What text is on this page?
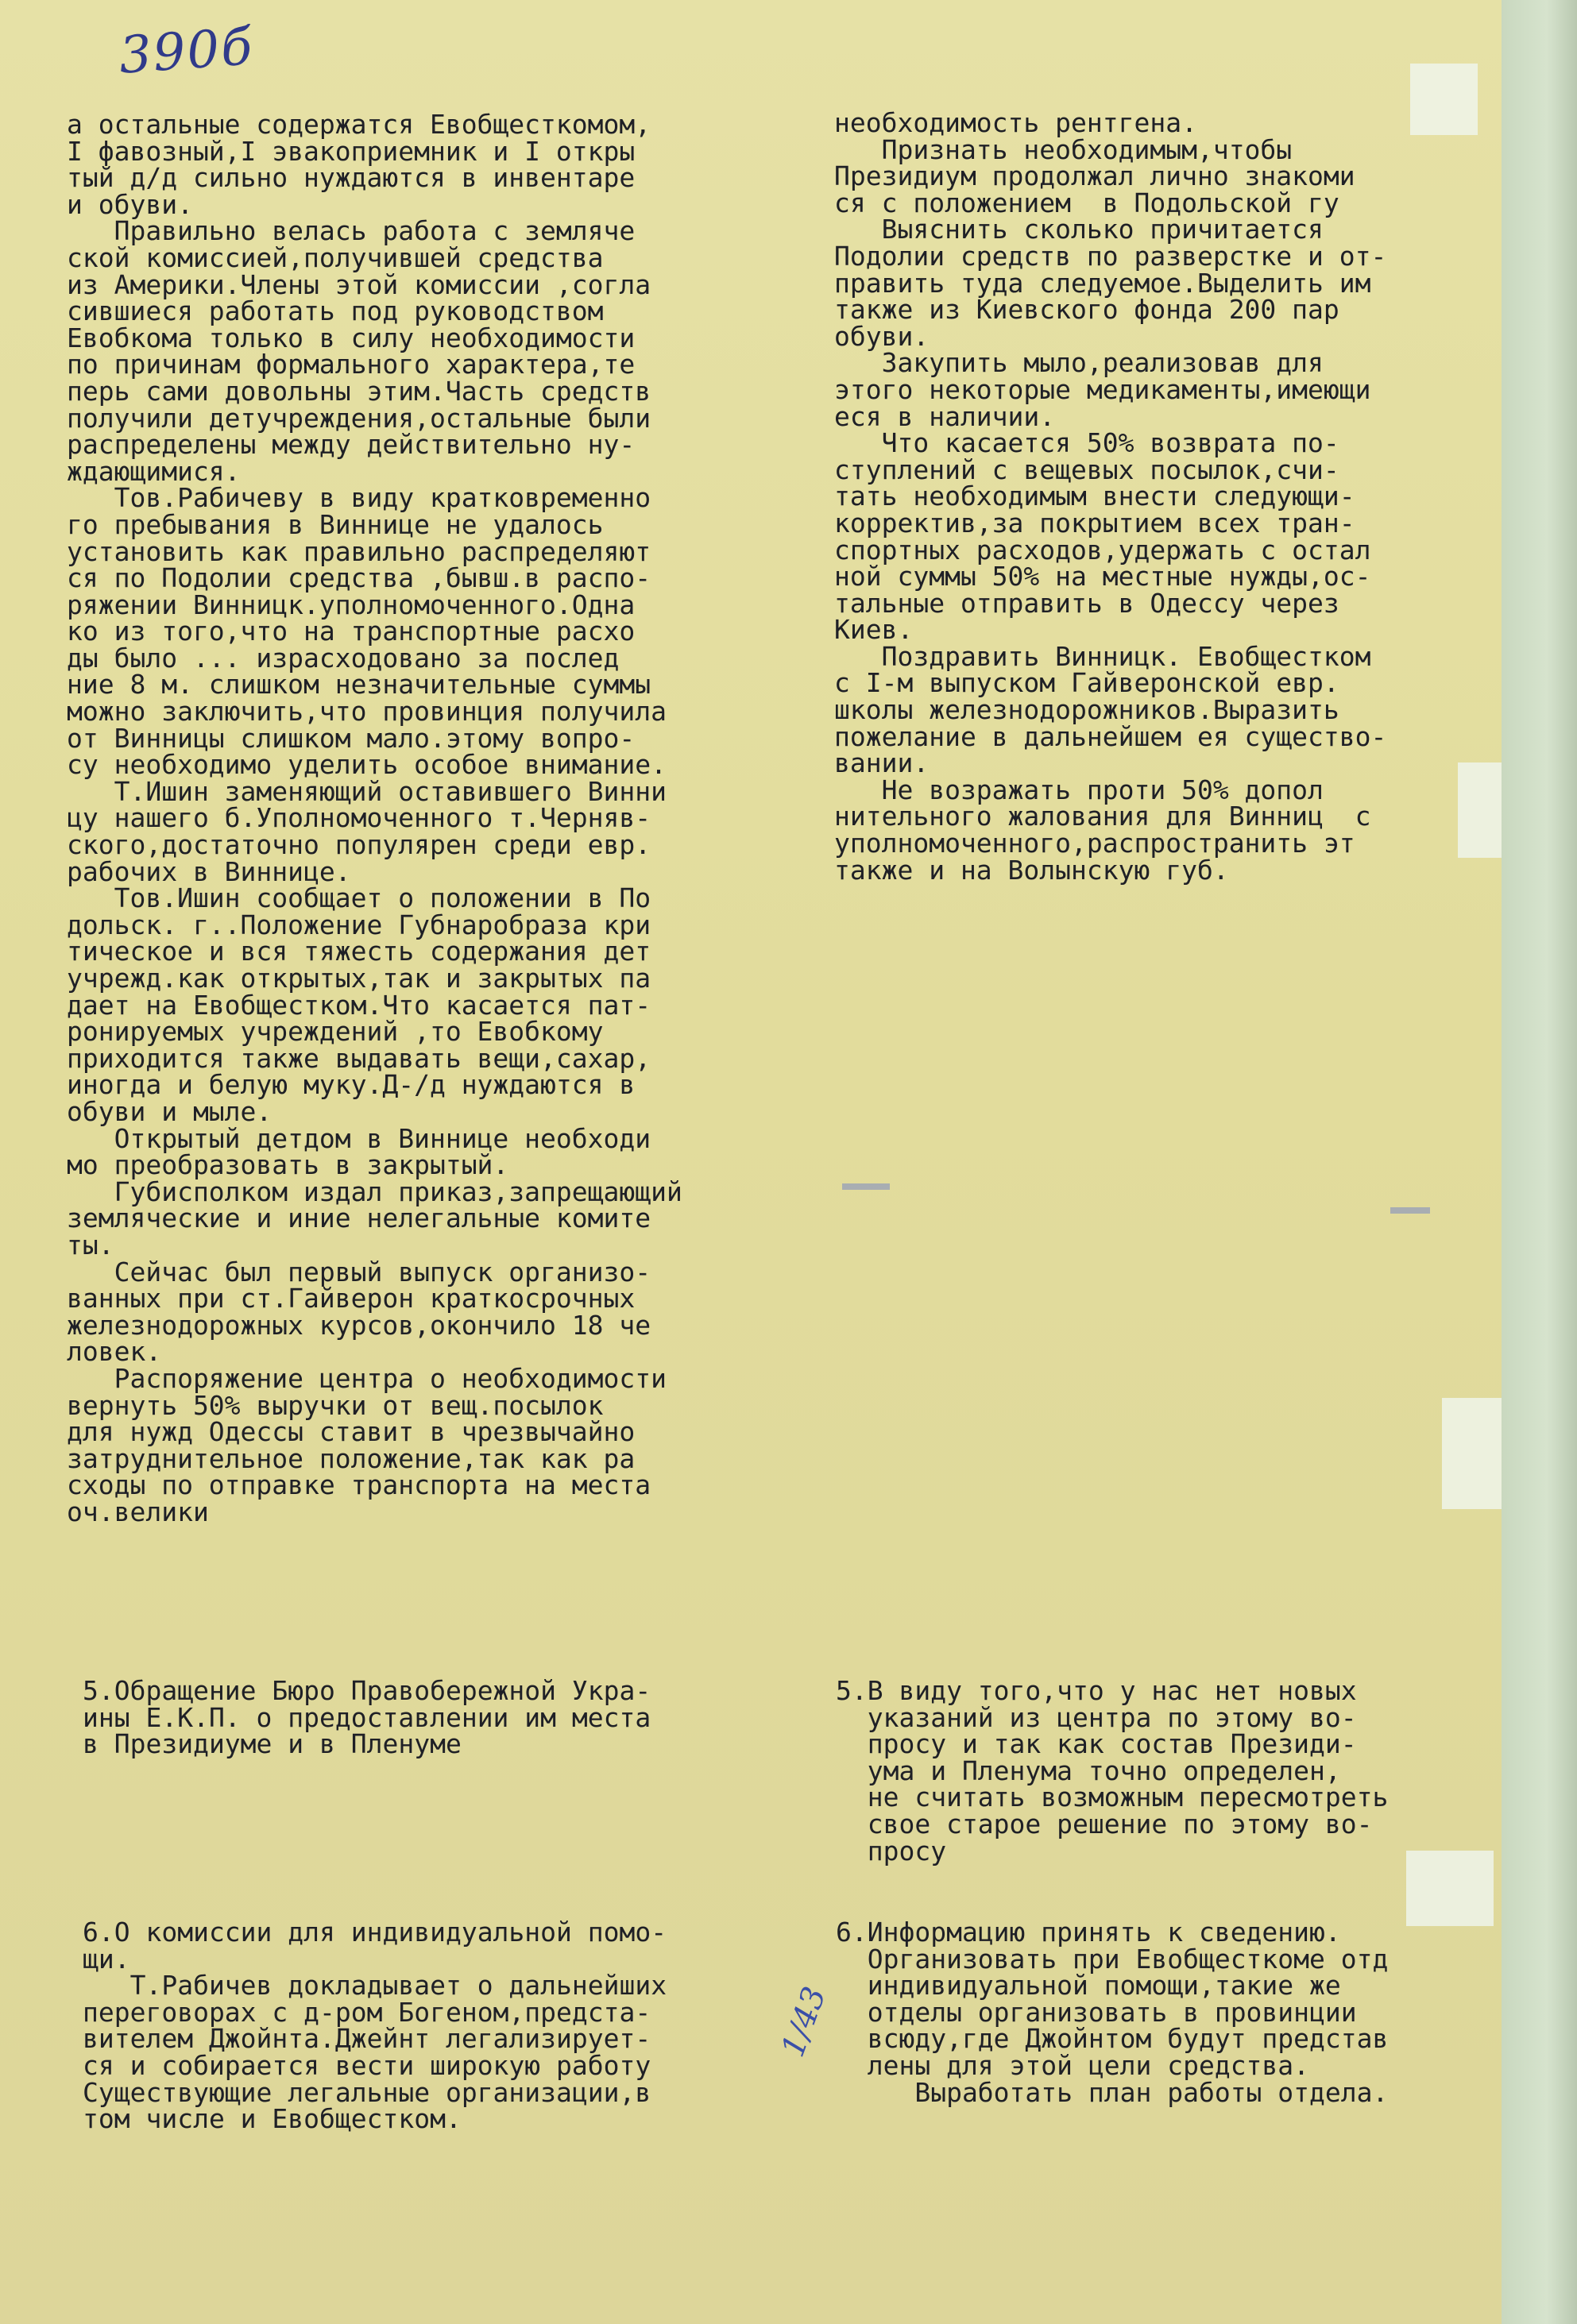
390б
а остальные содержатся Евобщесткомом,
I фавозный,I эвакоприемник и I откры
тый д/д сильно нуждаются в инвентаре
и обуви.
Правильно велась работа с земляче
ской комиссией,получившей средства
из Америки.Члены этой комиссии ,согла
сившиеся работать под руководством
Евобкома только в силу необходимости
по причинам формального характера,те
перь сами довольны этим.Часть средств
получили детучреждения,остальные были
распределены между действительно ну-
ждающимися.
Тов.Рабичеву в виду кратковременно
го пребывания в Виннице не удалось
установить как правильно распределяют
ся по Подолии средства ,бывш.в распо-
ряжении Винницк.уполномоченного.Одна
ко из того,что на транспортные расхо
ды было ... израсходовано за послед
ние 8 м. слишком незначительные суммы
можно заключить,что провинция получила
от Винницы слишком мало.этому вопро-
су необходимо уделить особое внимание.
Т.Ишин заменяющий оставившего Винни
цу нашего б.Уполномоченного т.Черняв-
ского,достаточно популярен среди евр.
рабочих в Виннице.
Тов.Ишин сообщает о положении в По
дольск. г..Положение Губнаробраза кри
тическое и вся тяжесть содержания дет
учрежд.как открытых,так и закрытых па
дает на Евобщестком.Что касается пат-
ронируемых учреждений ,то Евобкому
приходится также выдавать вещи,сахар,
иногда и белую муку.Д-/д нуждаются в
обуви и мыле.
Открытый детдом в Виннице необходи
мо преобразовать в закрытый.
Губисполком издал приказ,запрещающий
земляческие и иние нелегальные комите
ты.
Сейчас был первый выпуск организо-
ванных при ст.Гайверон краткосрочных
железнодорожных курсов,окончило 18 че
ловек.
Распоряжение центра о необходимости
вернуть 50% выручки от вещ.посылок
для нужд Одессы ставит в чрезвычайно
затруднительное положение,так как ра
сходы по отправке транспорта на места
оч.велики
необходимость рентгена.
Признать необходимым,чтобы
Президиум продолжал лично знакоми
ся с положением  в Подольской гу
Выяснить сколько причитается
Подолии средств по разверстке и от-
править туда следуемое.Выделить им
также из Киевского фонда 200 пар
обуви.
Закупить мыло,реализовав для
этого некоторые медикаменты,имеющи
еся в наличии.
Что касается 50% возврата по-
ступлений с вещевых посылок,счи-
тать необходимым внести следующи-
корректив,за покрытием всех тран-
спортных расходов,удержать с остал
ной суммы 50% на местные нужды,ос-
тальные отправить в Одессу через
Киев.
Поздравить Винницк. Евобщестком
с I-м выпуском Гайверонской евр.
школы железнодорожников.Выразить
пожелание в дальнейшем ея существо-
вании.
Не возражать проти 50% допол
нительного жалования для Винниц  с
уполномоченного,распространить эт
также и на Волынскую губ.
5.Обращение Бюро Правобережной Укра-
ины Е.К.П. о предоставлении им места
в Президиуме и в Пленуме
5.В виду того,что у нас нет новых
указаний из центра по этому во-
просу и так как состав Президи-
ума и Пленума точно определен,
не считать возможным пересмотреть
свое старое решение по этому во-
просу
6.О комиссии для индивидуальной помо-
щи.
Т.Рабичев докладывает о дальнейших
переговорах с д-ром Богеном,предста-
вителем Джойнта.Джейнт легализирует-
ся и собирается вести широкую работу
Существующие легальные организации,в
том числе и Евобщестком.
6.Информацию принять к сведению.
Организовать при Евобщесткоме отд
индивидуальной помощи,такие же
отделы организовать в провинции
всюду,где Джойнтом будут представ
лены для этой цели средства.
Выработать план работы отдела.
1/43
